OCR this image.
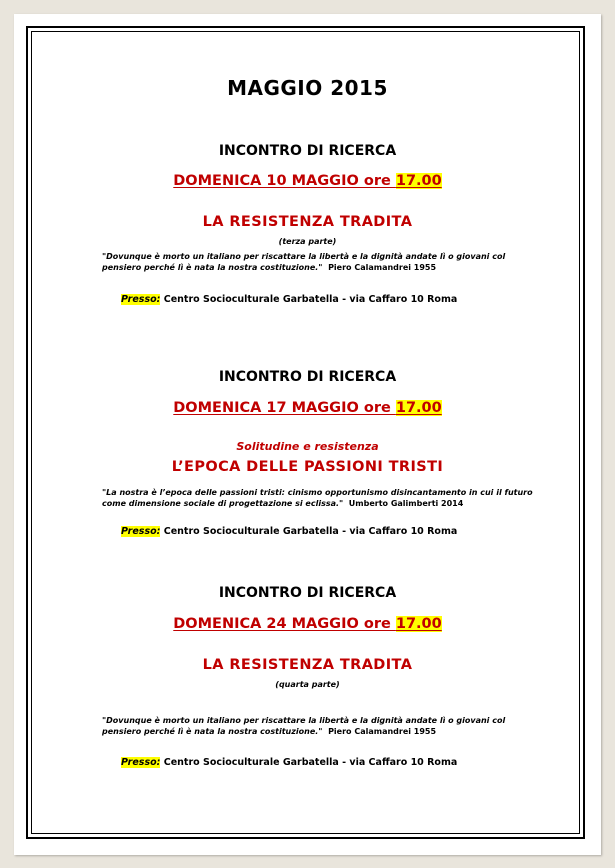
MAGGIO 2015
INCONTRO DI RICERCA
DOMENICA 10 MAGGIO ore 17.00
LA RESISTENZA TRADITA
(terza parte)
"Dovunque è morto un italiano per riscattare la libertà e la dignità andate lì o giovani col pensiero perché lì è nata la nostra costituzione." Piero Calamandrei 1955
Presso: Centro Socioculturale Garbatella - via Caffaro 10 Roma
INCONTRO DI RICERCA
DOMENICA 17 MAGGIO ore 17.00
Solitudine e resistenza
L’EPOCA DELLE PASSIONI TRISTI
"La nostra è l’epoca delle passioni tristi: cinismo opportunismo disincantamento in cui il futuro come dimensione sociale di progettazione si eclissa." Umberto Galimberti 2014
Presso: Centro Socioculturale Garbatella - via Caffaro 10 Roma
INCONTRO DI RICERCA
DOMENICA 24 MAGGIO ore 17.00
LA RESISTENZA TRADITA
(quarta parte)
"Dovunque è morto un italiano per riscattare la libertà e la dignità andate lì o giovani col pensiero perché lì è nata la nostra costituzione." Piero Calamandrei 1955
Presso: Centro Socioculturale Garbatella - via Caffaro 10 Roma
